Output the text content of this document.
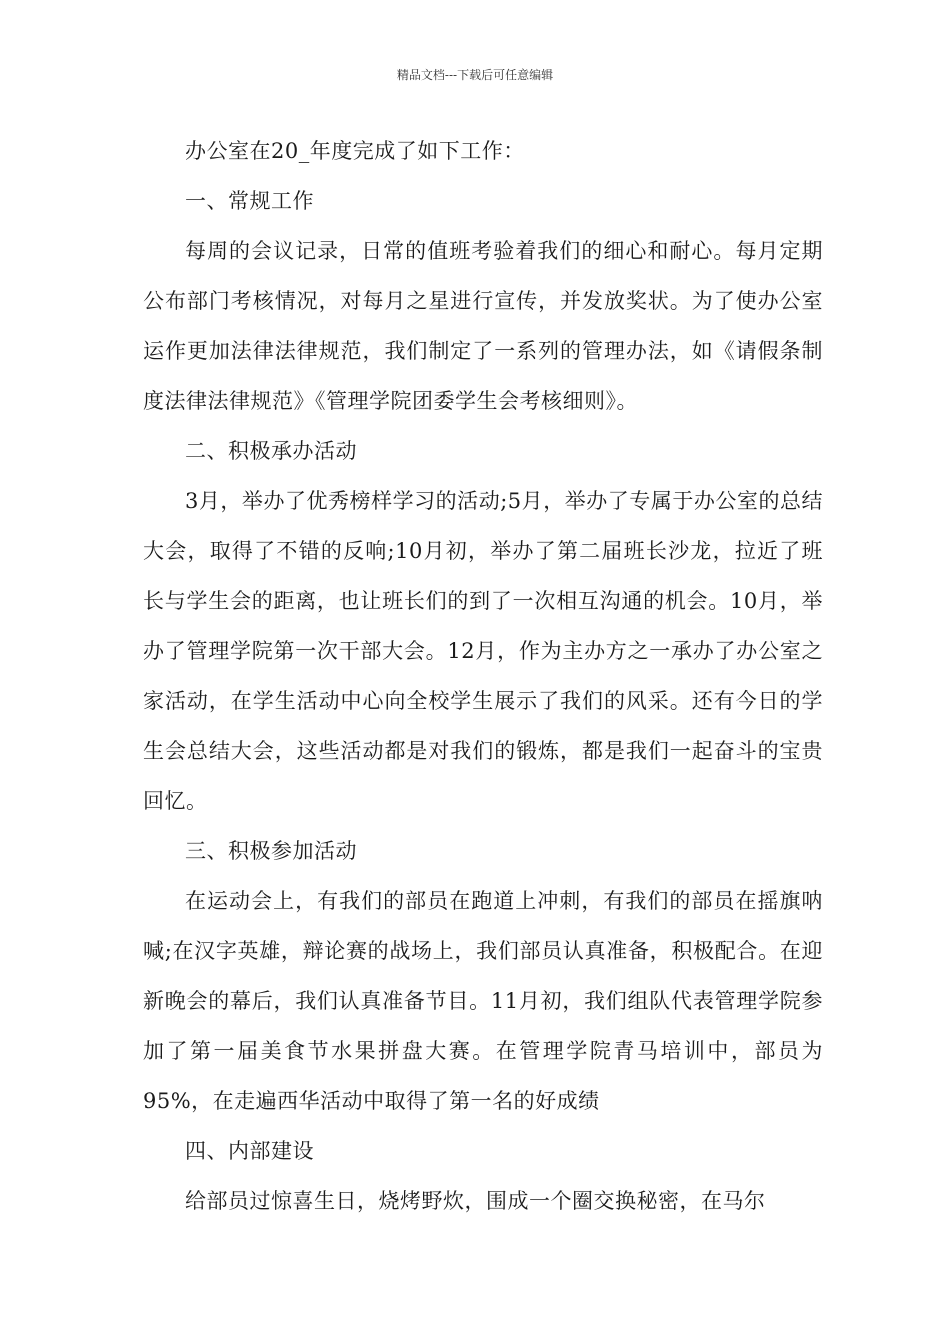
精品文档---下载后可任意编辑

办公室在20_年度完成了如下工作：

一、常规工作

每周的会议记录，日常的值班考验着我们的细心和耐心。每月定期公布部门考核情况，对每月之星进行宣传，并发放奖状。为了使办公室运作更加法律法律规范，我们制定了一系列的管理办法，如《请假条制度法律法律规范》《管理学院团委学生会考核细则》。

二、积极承办活动

3月，举办了优秀榜样学习的活动;5月，举办了专属于办公室的总结大会，取得了不错的反响;10月初，举办了第二届班长沙龙，拉近了班长与学生会的距离，也让班长们的到了一次相互沟通的机会。10月，举办了管理学院第一次干部大会。12月，作为主办方之一承办了办公室之家活动，在学生活动中心向全校学生展示了我们的风采。还有今日的学生会总结大会，这些活动都是对我们的锻炼，都是我们一起奋斗的宝贵回忆。

三、积极参加活动

在运动会上，有我们的部员在跑道上冲刺，有我们的部员在摇旗呐喊;在汉字英雄，辩论赛的战场上，我们部员认真准备，积极配合。在迎新晚会的幕后，我们认真准备节目。11月初，我们组队代表管理学院参加了第一届美食节水果拼盘大赛。在管理学院青马培训中，部员为95%，在走遍西华活动中取得了第一名的好成绩

四、内部建设

给部员过惊喜生日，烧烤野炊，围成一个圈交换秘密，在马尔
